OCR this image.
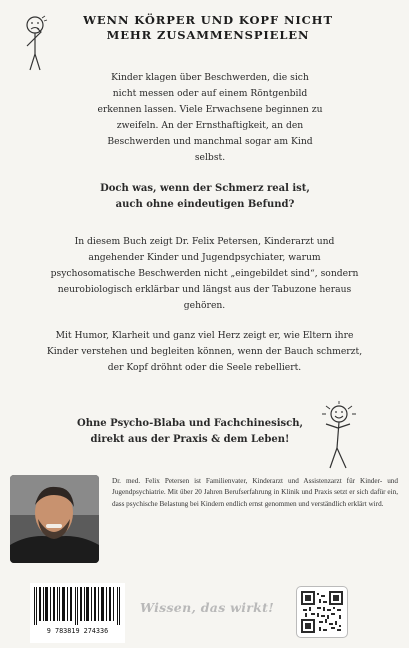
WENN KÖRPER UND KOPF NICHT
MEHR ZUSAMMENSPIELEN
Kinder klagen über Beschwerden, die sich
nicht messen oder auf einem Röntgenbild
erkennen lassen. Viele Erwachsene beginnen zu
zweifeln. An der Ernsthaftigkeit, an den
Beschwerden und manchmal sogar am Kind
selbst.
Doch was, wenn der Schmerz real ist,
auch ohne eindeutigen Befund?
In diesem Buch zeigt Dr. Felix Petersen, Kinderarzt und
angehender Kinder und Jugendpsychiater, warum
psychosomatische Beschwerden nicht „eingebildet sind“, sondern
neurobiologisch erklärbar und längst aus der Tabuzone heraus
gehören.
Mit Humor, Klarheit und ganz viel Herz zeigt er, wie Eltern ihre
Kinder verstehen und begleiten können, wenn der Bauch schmerzt,
der Kopf dröhnt oder die Seele rebelliert.
Ohne Psycho-Blaba und Fachchinesisch,
direkt aus der Praxis & dem Leben!
Dr. med. Felix Petersen ist Familienvater, Kinderarzt und Assistenzarzt für Kinder- und Jugendpsychiatrie. Mit über 20 Jahren Berufserfahrung in Klinik und Praxis setzt er sich dafür ein, dass psychische Belastung bei Kindern endlich ernst genommen und verständlich erklärt wird.
9 783819 274336
Wissen, das wirkt!
